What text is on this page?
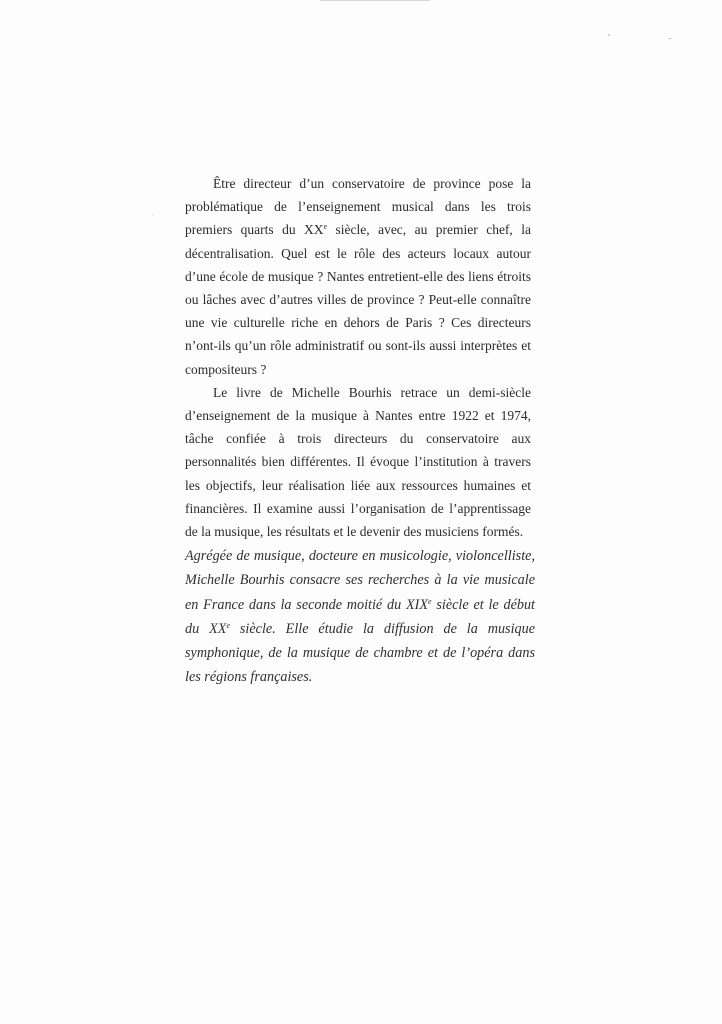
Être directeur d’un conservatoire de province pose la problématique de l’enseignement musical dans les trois premiers quarts du XXe siècle, avec, au premier chef, la décentralisation. Quel est le rôle des acteurs locaux autour d’une école de musique ? Nantes entretient-elle des liens étroits ou lâches avec d’autres villes de province ? Peut-elle connaître une vie culturelle riche en dehors de Paris ? Ces directeurs n’ont-ils qu’un rôle administratif ou sont-ils aussi interprètes et compositeurs ?

Le livre de Michelle Bourhis retrace un demi-siècle d’enseignement de la musique à Nantes entre 1922 et 1974, tâche confiée à trois directeurs du conservatoire aux personnalités bien différentes. Il évoque l’institution à travers les objectifs, leur réalisation liée aux ressources humaines et financières. Il examine aussi l’organisation de l’apprentissage de la musique, les résultats et le devenir des musiciens formés.

Agrégée de musique, docteure en musicologie, violoncelliste, Michelle Bourhis consacre ses recherches à la vie musicale en France dans la seconde moitié du XIXe siècle et le début du XXe siècle. Elle étudie la diffusion de la musique symphonique, de la musique de chambre et de l’opéra dans les régions françaises.
